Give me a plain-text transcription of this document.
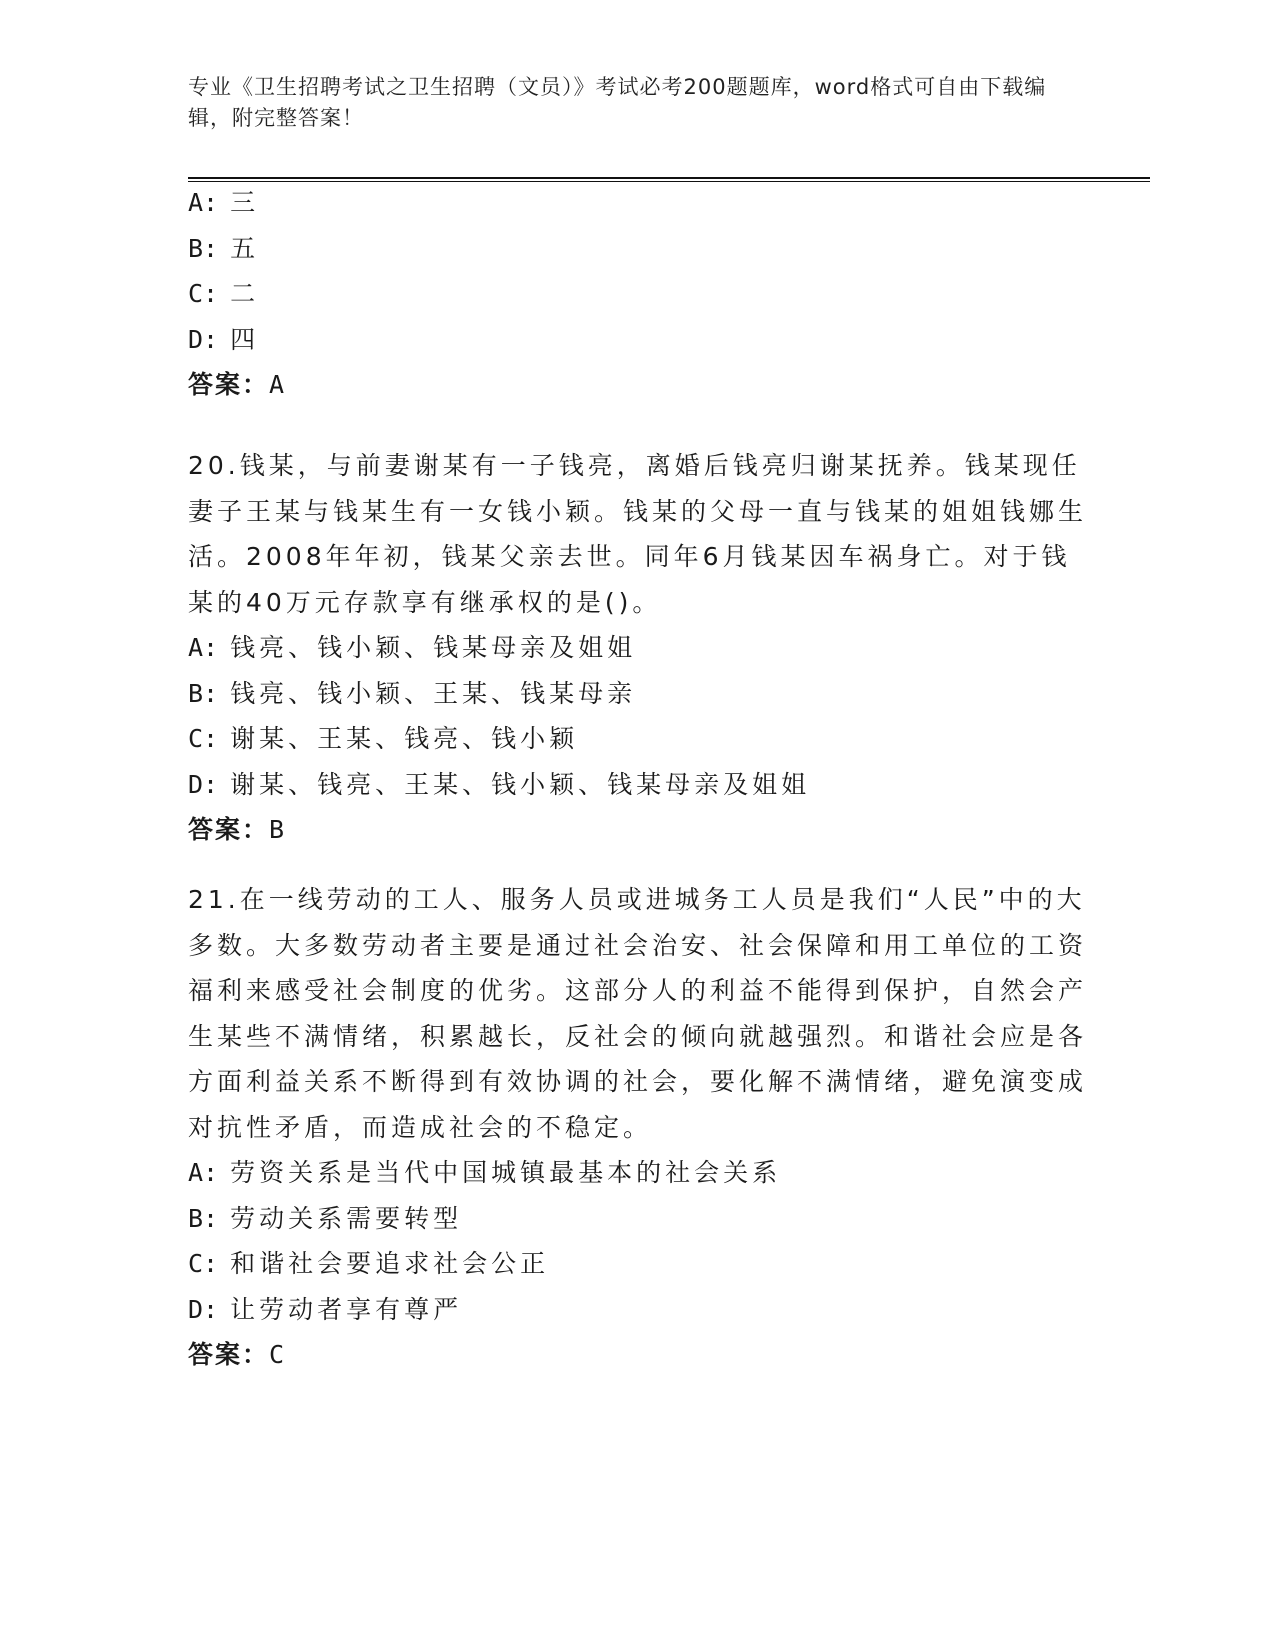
专业《卫生招聘考试之卫生招聘（文员）》考试必考200题题库，word格式可自由下载编辑，附完整答案！
A: 三
B: 五
C: 二
D: 四
答案：A
20.钱某，与前妻谢某有一子钱亮，离婚后钱亮归谢某抚养。钱某现任妻子王某与钱某生有一女钱小颖。钱某的父母一直与钱某的姐姐钱娜生活。2008年年初，钱某父亲去世。同年6月钱某因车祸身亡。对于钱某的40万元存款享有继承权的是()。
A: 钱亮、钱小颖、钱某母亲及姐姐
B: 钱亮、钱小颖、王某、钱某母亲
C: 谢某、王某、钱亮、钱小颖
D: 谢某、钱亮、王某、钱小颖、钱某母亲及姐姐
答案：B
21.在一线劳动的工人、服务人员或进城务工人员是我们“人民”中的大多数。大多数劳动者主要是通过社会治安、社会保障和用工单位的工资福利来感受社会制度的优劣。这部分人的利益不能得到保护，自然会产生某些不满情绪，积累越长，反社会的倾向就越强烈。和谐社会应是各方面利益关系不断得到有效协调的社会，要化解不满情绪，避免演变成对抗性矛盾，而造成社会的不稳定。
A: 劳资关系是当代中国城镇最基本的社会关系
B: 劳动关系需要转型
C: 和谐社会要追求社会公正
D: 让劳动者享有尊严
答案：C
